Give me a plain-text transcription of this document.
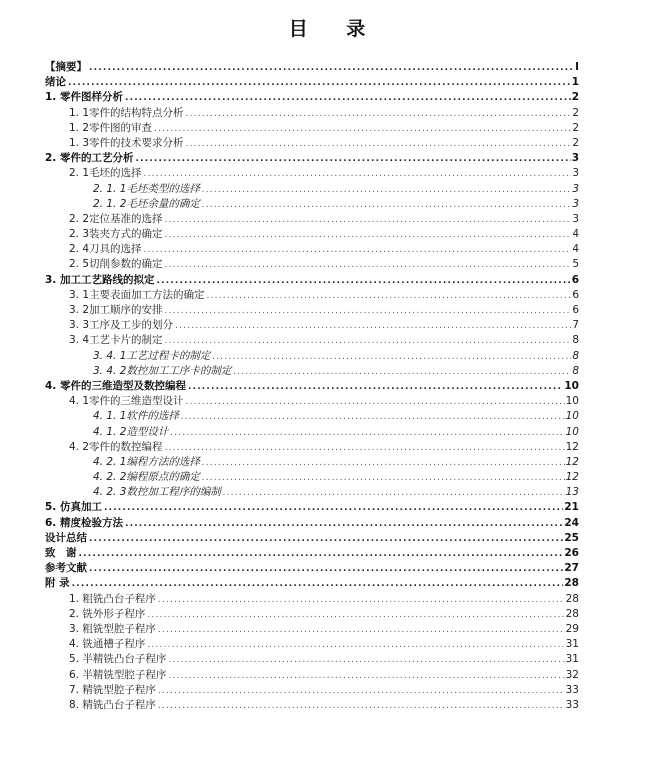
目 录
【摘要】 .....	I
绪论 .....	1
1. 零件图样分析 .....	2
1. 1零件的结构特点分析 .....	2
1. 2零件图的审查 .....	2
1. 3零件的技术要求分析 .....	2
2. 零件的工艺分析 .....	3
2. 1毛坯的选择 .....	3
2. 1. 1毛坯类型的选择 .....	3
2. 1. 2毛坯余量的确定 .....	3
2. 2定位基准的选择 .....	3
2. 3装夹方式的确定 .....	4
2. 4刀具的选择 .....	4
2. 5切削参数的确定 .....	5
3. 加工工艺路线的拟定 .....	6
3. 1主要表面加工方法的确定 .....	6
3. 2加工顺序的安排 .....	6
3. 3工序及工步的划分 .....	7
3. 4工艺卡片的制定 .....	8
3. 4. 1工艺过程卡的制定 .....	8
3. 4. 2数控加工工序卡的制定 .....	8
4. 零件的三维造型及数控编程 .....	10
4. 1零件的三维造型设计 .....	10
4. 1. 1软件的选择 .....	10
4. 1. 2造型设计 .....	10
4. 2零件的数控编程 .....	12
4. 2. 1编程方法的选择 .....	12
4. 2. 2编程原点的确定 .....	12
4. 2. 3数控加工程序的编制 .....	13
5. 仿真加工 .....	21
6. 精度检验方法 .....	24
设计总结 .....	25
致　谢 .....	26
参考文献 .....	27
附 录 .....	28
1. 粗铣凸台子程序 .....	28
2. 铣外形子程序 .....	28
3. 粗铣型腔子程序 .....	29
4. 铣通槽子程序 .....	31
5. 半精铣凸台子程序 .....	31
6. 半精铣型腔子程序 .....	32
7. 精铣型腔子程序 .....	33
8. 精铣凸台子程序 .....	33
